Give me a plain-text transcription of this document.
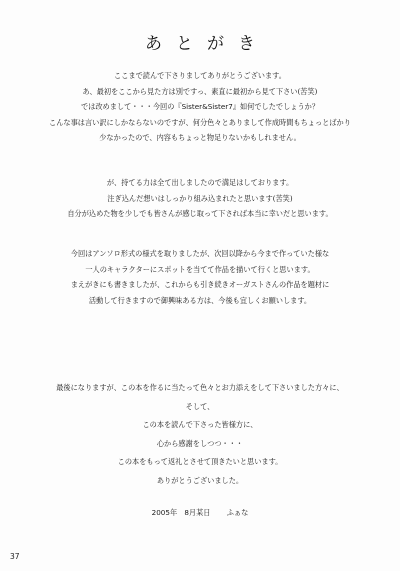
あとがき
ここまで読んで下さりましてありがとうございます。
あ、最初をここから見た方は別ですっ、素直に最初から見て下さい(苦笑)
では改めまして・・・今回の『Sister&Sister7』如何でしたでしょうか？
こんな事は言い訳にしかならないのですが、何分色々とありまして作成時間もちょっとばかり
少なかったので、内容もちょっと物足りないかもしれません。
が、持てる力は全て出しましたので満足はしております。
注ぎ込んだ想いはしっかり組み込まれたと思います(苦笑)
自分が込めた物を少しでも皆さんが感じ取って下されば本当に幸いだと思います。
今回はアンソロ形式の様式を取りましたが、次回以降から今まで作っていた様な
一人のキャラクターにスポットを当てて作品を描いて行くと思います。
まえがきにも書きましたが、これからも引き続きオーガストさんの作品を題材に
活動して行きますので御興味ある方は、今後も宜しくお願いします。
最後になりますが、この本を作るに当たって色々とお力添えをして下さいました方々に、
そして、
この本を読んで下さった皆様方に、
心から感謝をしつつ・・・
この本をもって返礼とさせて頂きたいと思います。
ありがとうございました。
2005年　8月某日 ふぁな
37
